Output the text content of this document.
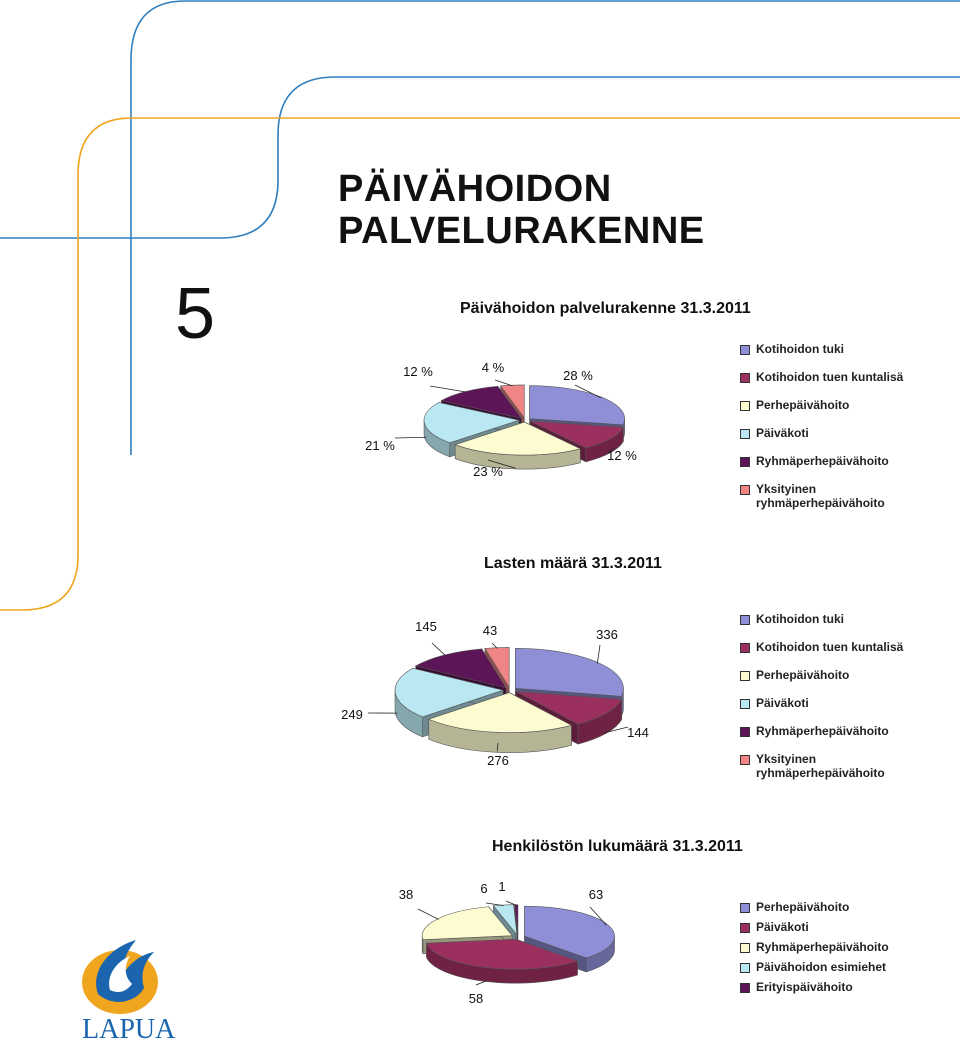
PÄIVÄHOIDON
PALVELURAKENNE
5	Päivähoidon palvelurakenne 31.3.2011
28 %
12 %
23 %
21 %
12 %	4 %
Kotihoidon tuki
Kotihoidon tuen kuntalisä
Perhepäivähoito
Päiväkoti
Ryhmäperhepäivähoito
Yksityinen ryhmäperhepäivähoito
Lasten määrä 31.3.2011
336
144
276
249
145	43
Kotihoidon tuki
Kotihoidon tuen kuntalisä
Perhepäivähoito
Päiväkoti
Ryhmäperhepäivähoito
Yksityinen ryhmäperhepäivähoito
Henkilöstön lukumäärä 31.3.2011
63
58
38	6 1
Perhepäivähoito
Päiväkoti
Ryhmäperhepäivähoito
Päivähoidon esimiehet
Erityispäivähoito
LAPUA
